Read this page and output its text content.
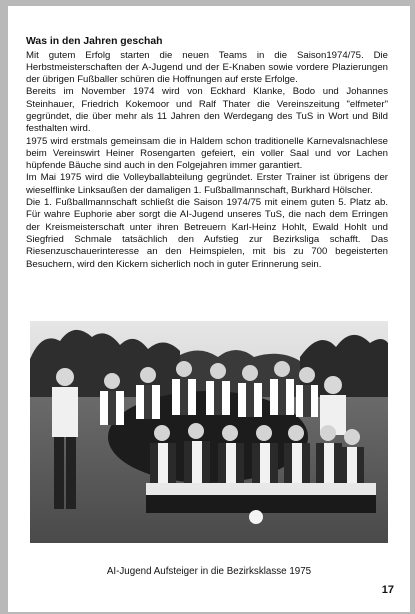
Was in den Jahren geschah

Mit gutem Erfolg starten die neuen Teams in die Saison1974/75. Die Herbstmeisterschaften der A-Jugend und der E-Knaben sowie vordere Plazierungen der übrigen Fußballer schüren die Hoffnungen auf erste Erfolge.

Bereits im November 1974 wird von Eckhard Klanke, Bodo und Johannes Steinhauer, Friedrich Kokemoor und Ralf Thater die Vereinszeitung "elfmeter" gegründet, die über mehr als 11 Jahren den Werdegang des TuS in Wort und Bild festhalten wird.

1975 wird erstmals gemeinsam die in Haldem schon traditionelle Karnevalsnachlese beim Vereinswirt Heiner Rosengarten gefeiert, ein voller Saal und vor Lachen hüpfende Bäuche sind auch in den Folgejahren immer garantiert.

Im Mai 1975 wird die Volleyballabteilung gegründet. Erster Trainer ist übrigens der wieselflinke Linksaußen der damaligen 1. Fußballmannschaft, Burkhard Hölscher.

Die 1. Fußballmannschaft schließt die Saison 1974/75 mit einem guten 5. Platz ab. Für wahre Euphorie aber sorgt die AI-Jugend unseres TuS, die nach dem Erringen der Kreismeisterschaft unter ihren Betreuern Karl-Heinz Hohlt, Ewald Hohlt und Siegfried Schmale tatsächlich den Aufstieg zur Bezirksliga schafft. Das Riesenzuschauerinteresse an den Heimspielen, mit bis zu 700 begeisterten Besuchern, wird den Kickern sicherlich noch in guter Erinnerung sein.

AI-Jugend Aufsteiger in die Bezirksklasse 1975
17
